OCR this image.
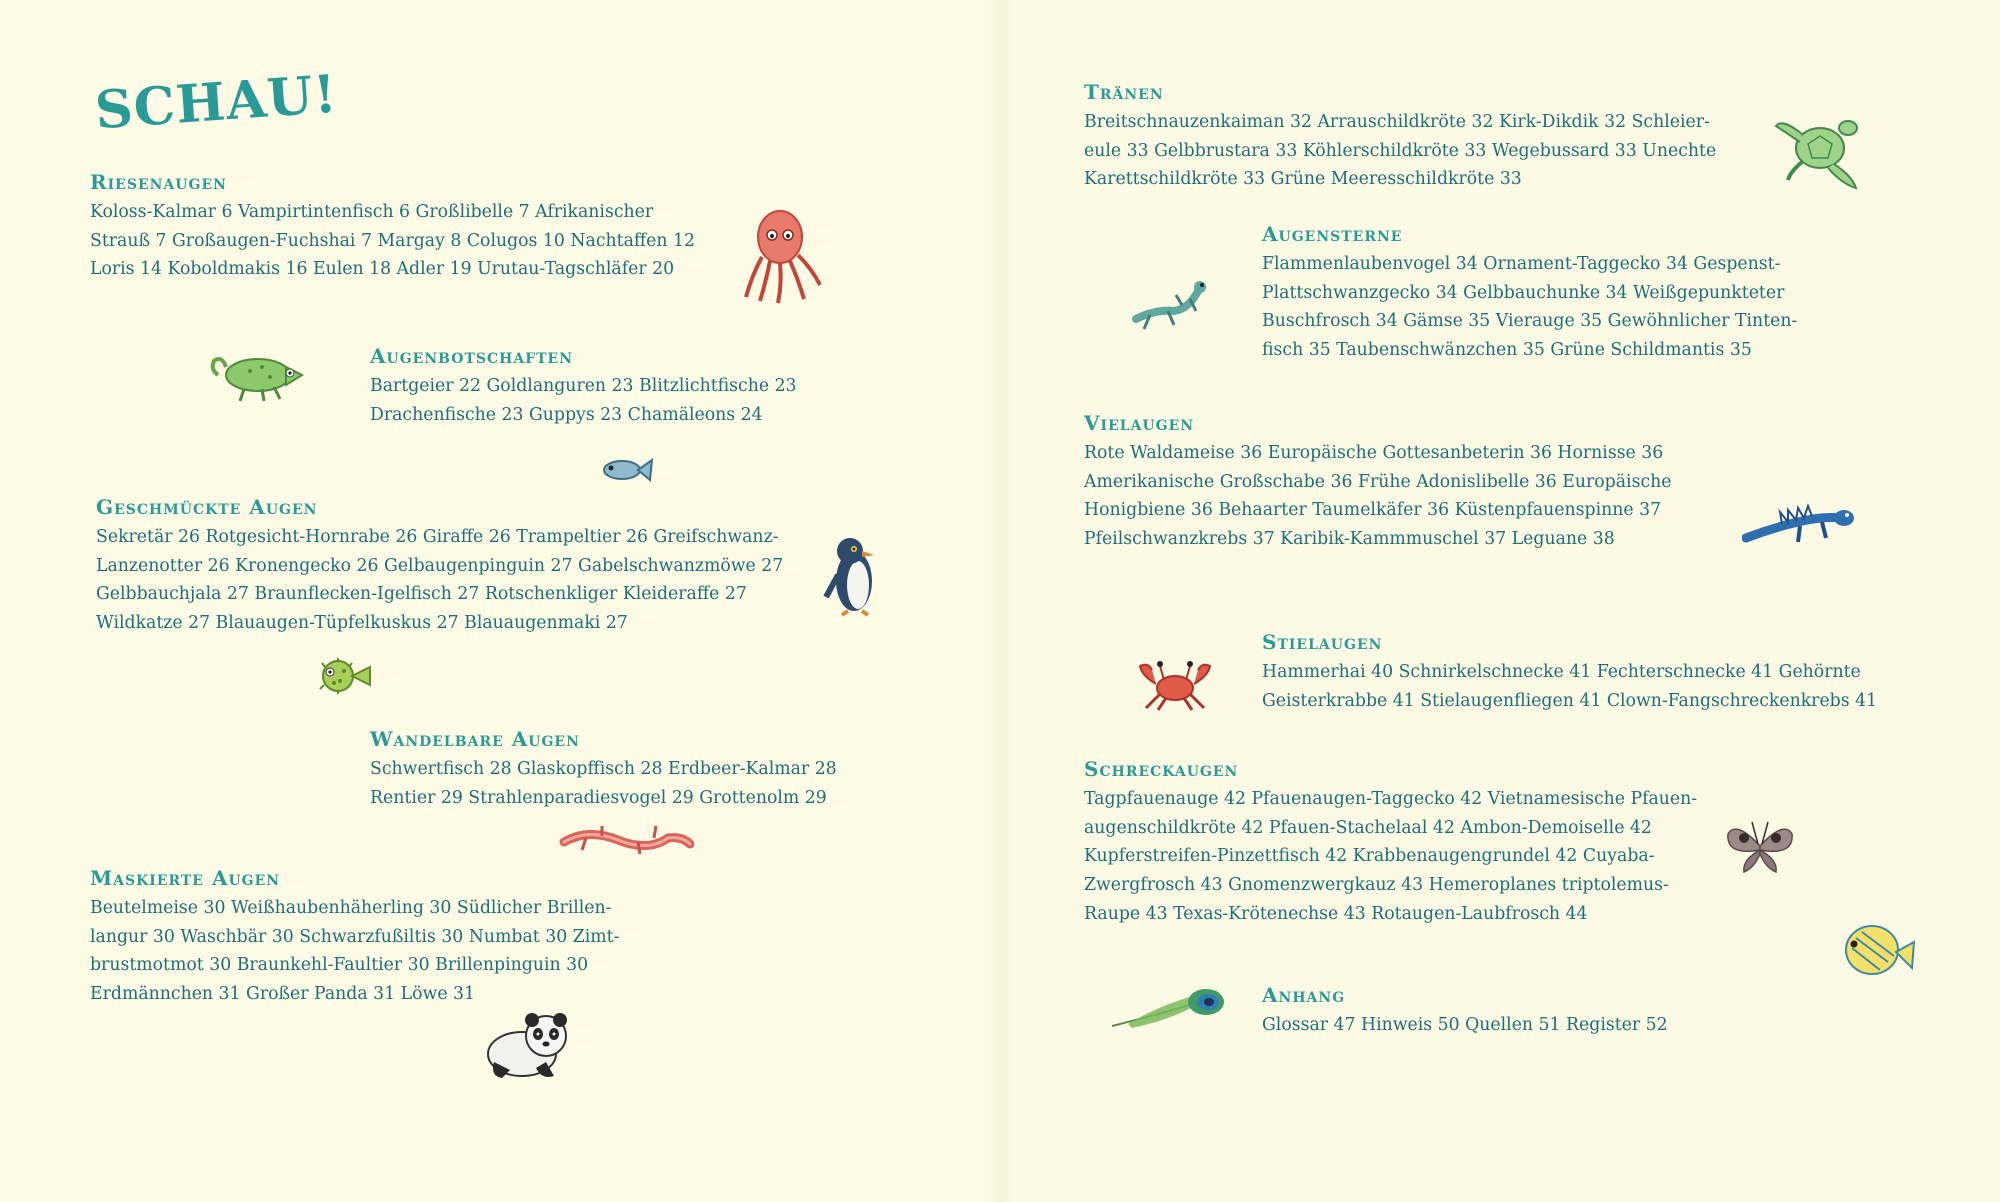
SCHAU!
Riesenaugen

Koloss-Kalmar 6 Vampirtintenfisch 6 Großlibelle 7 Afrikanischer
Strauß 7 Großaugen-Fuchshai 7 Margay 8 Colugos 10 Nachtaffen 12
Loris 14 Koboldmakis 16 Eulen 18 Adler 19 Urutau-Tagschläfer 20

Augenbotschaften

Bartgeier 22 Goldlanguren 23 Blitzlichtfische 23
Drachenfische 23 Guppys 23 Chamäleons 24

Geschmückte Augen

Sekretär 26 Rotgesicht-Hornrabe 26 Giraffe 26 Trampeltier 26 Greifschwanz-
Lanzenotter 26 Kronengecko 26 Gelbaugenpinguin 27 Gabelschwanzmöwe 27
Gelbbauchjala 27 Braunflecken-Igelfisch 27 Rotschenkliger Kleideraffe 27
Wildkatze 27 Blauaugen-Tüpfelkuskus 27 Blauaugenmaki 27

Wandelbare Augen

Schwertfisch 28 Glaskopffisch 28 Erdbeer-Kalmar 28
Rentier 29 Strahlenparadiesvogel 29 Grottenolm 29

Maskierte Augen

Beutelmeise 30 Weißhaubenhäherling 30 Südlicher Brillen-
langur 30 Waschbär 30 Schwarzfußiltis 30 Numbat 30 Zimt-
brustmotmot 30 Braunkehl-Faultier 30 Brillenpinguin 30
Erdmännchen 31 Großer Panda 31 Löwe 31

Tränen

Breitschnauzenkaiman 32 Arrauschildkröte 32 Kirk-Dikdik 32 Schleier-
eule 33 Gelbbrustara 33 Köhlerschildkröte 33 Wegebussard 33 Unechte
Karettschildkröte 33 Grüne Meeresschildkröte 33

Augensterne

Flammenlaubenvogel 34 Ornament-Taggecko 34 Gespenst-
Plattschwanzgecko 34 Gelbbauchunke 34 Weißgepunkteter
Buschfrosch 34 Gämse 35 Vierauge 35 Gewöhnlicher Tinten-
fisch 35 Taubenschwänzchen 35 Grüne Schildmantis 35

Vielaugen

Rote Waldameise 36 Europäische Gottesanbeterin 36 Hornisse 36
Amerikanische Großschabe 36 Frühe Adonislibelle 36 Europäische
Honigbiene 36 Behaarter Taumelkäfer 36 Küstenpfauenspinne 37
Pfeilschwanzkrebs 37 Karibik-Kammmuschel 37 Leguane 38

Stielaugen

Hammerhai 40 Schnirkelschnecke 41 Fechterschnecke 41 Gehörnte
Geisterkrabbe 41 Stielaugenfliegen 41 Clown-Fangschreckenkrebs 41

Schreckaugen

Tagpfauenauge 42 Pfauenaugen-Taggecko 42 Vietnamesische Pfauen-
augenschildkröte 42 Pfauen-Stachelaal 42 Ambon-Demoiselle 42
Kupferstreifen-Pinzettfisch 42 Krabbenaugengrundel 42 Cuyaba-
Zwergfrosch 43 Gnomenzwergkauz 43 Hemeroplanes triptolemus-
Raupe 43 Texas-Krötenechse 43 Rotaugen-Laubfrosch 44

Anhang

Glossar 47 Hinweis 50 Quellen 51 Register 52
